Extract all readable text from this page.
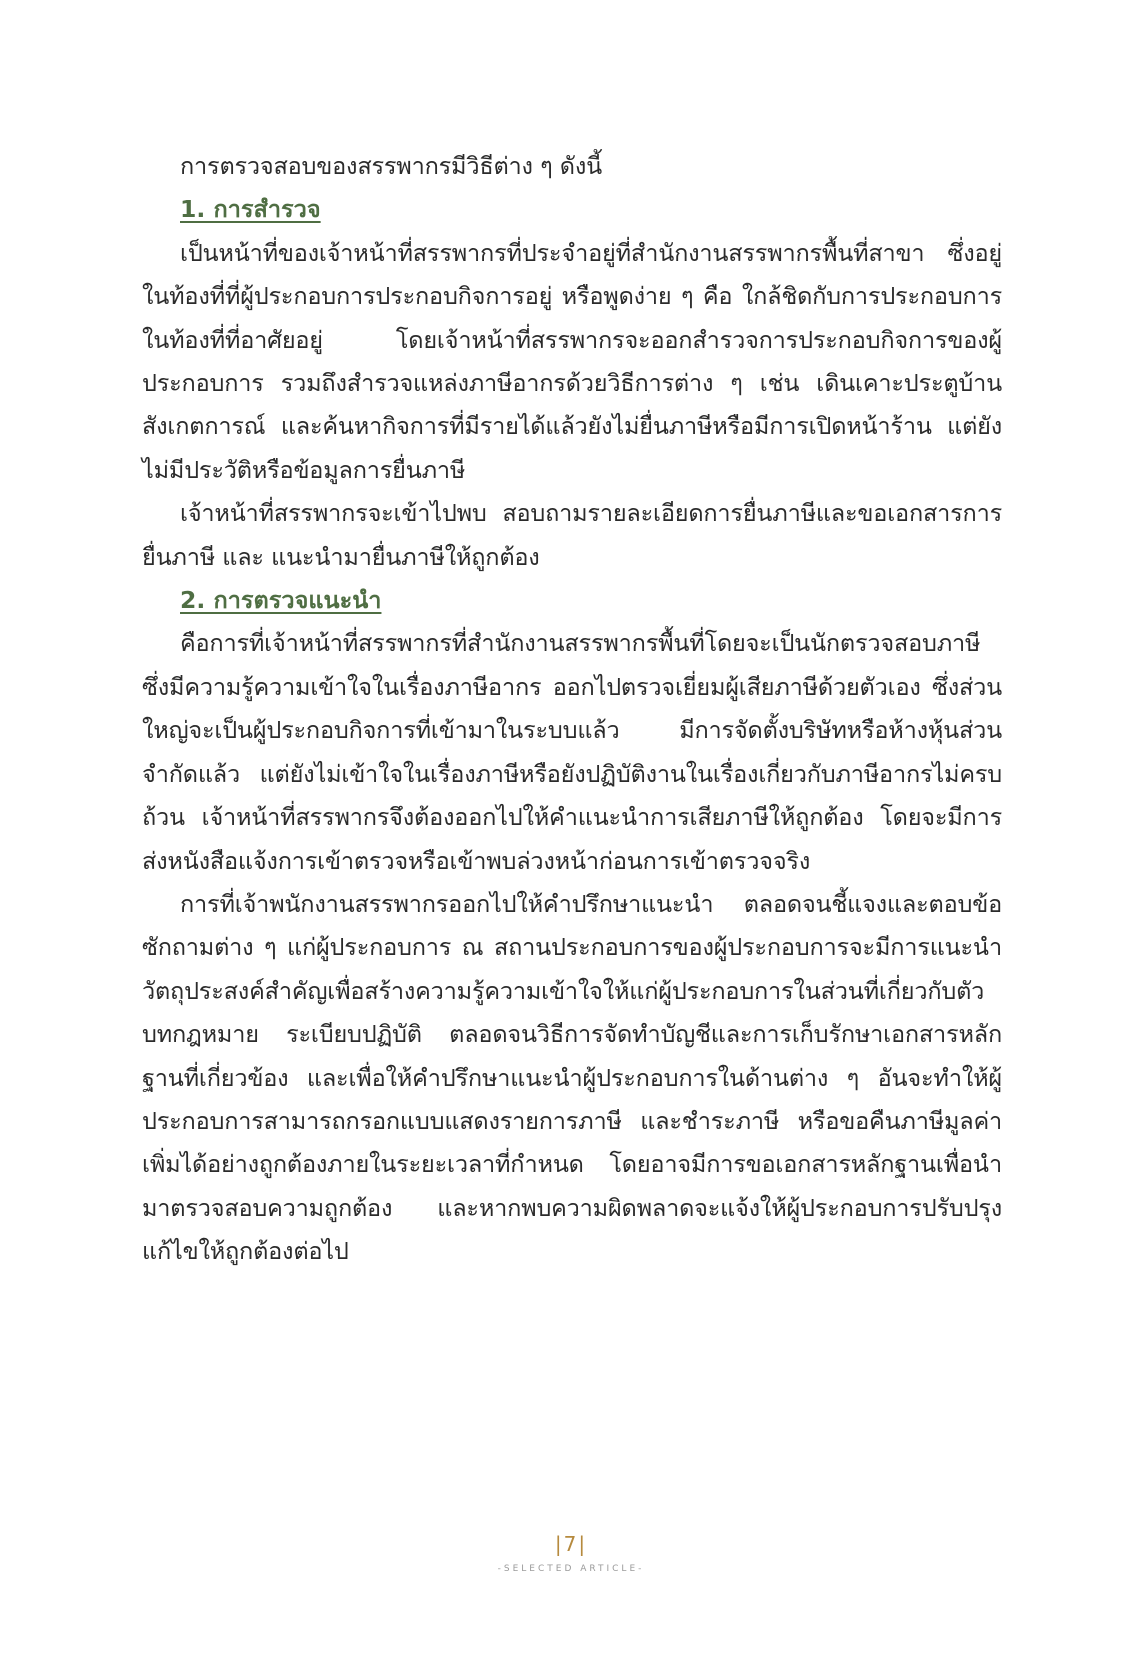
การตรวจสอบของสรรพากรมีวิธีต่าง ๆ ดังนี้

1. การสำรวจ

เป็นหน้าที่ของเจ้าหน้าที่สรรพากรที่ประจำอยู่ที่สำนักงานสรรพากรพื้นที่สาขา ซึ่งอยู่ในท้องที่ที่ผู้ประกอบการประกอบกิจการอยู่ หรือพูดง่าย ๆ คือ ใกล้ชิดกับการประกอบการในท้องที่ที่อาศัยอยู่ โดยเจ้าหน้าที่สรรพากรจะออกสำรวจการประกอบกิจการของผู้ประกอบการ รวมถึงสำรวจแหล่งภาษีอากรด้วยวิธีการต่าง ๆ เช่น เดินเคาะประตูบ้าน สังเกตการณ์ และค้นหากิจการที่มีรายได้แล้วยังไม่ยื่นภาษีหรือมีการเปิดหน้าร้าน แต่ยังไม่มีประวัติหรือข้อมูลการยื่นภาษี

เจ้าหน้าที่สรรพากรจะเข้าไปพบ สอบถามรายละเอียดการยื่นภาษีและขอเอกสารการยื่นภาษี และ แนะนำมายื่นภาษีให้ถูกต้อง

2. การตรวจแนะนำ

คือการที่เจ้าหน้าที่สรรพากรที่สำนักงานสรรพากรพื้นที่โดยจะเป็นนักตรวจสอบภาษี ซึ่งมีความรู้ความเข้าใจในเรื่องภาษีอากร ออกไปตรวจเยี่ยมผู้เสียภาษีด้วยตัวเอง ซึ่งส่วนใหญ่จะเป็นผู้ประกอบกิจการที่เข้ามาในระบบแล้ว มีการจัดตั้งบริษัทหรือห้างหุ้นส่วนจำกัดแล้ว แต่ยังไม่เข้าใจในเรื่องภาษีหรือยังปฏิบัติงานในเรื่องเกี่ยวกับภาษีอากรไม่ครบถ้วน เจ้าหน้าที่สรรพากรจึงต้องออกไปให้คำแนะนำการเสียภาษีให้ถูกต้อง โดยจะมีการส่งหนังสือแจ้งการเข้าตรวจหรือเข้าพบล่วงหน้าก่อนการเข้าตรวจจริง

การที่เจ้าพนักงานสรรพากรออกไปให้คำปรึกษาแนะนำ ตลอดจนชี้แจงและตอบข้อซักถามต่าง ๆ แก่ผู้ประกอบการ ณ สถานประกอบการของผู้ประกอบการจะมีการแนะนำวัตถุประสงค์สำคัญเพื่อสร้างความรู้ความเข้าใจให้แก่ผู้ประกอบการในส่วนที่เกี่ยวกับตัวบทกฎหมาย ระเบียบปฏิบัติ ตลอดจนวิธีการจัดทำบัญชีและการเก็บรักษาเอกสารหลักฐานที่เกี่ยวข้อง และเพื่อให้คำปรึกษาแนะนำผู้ประกอบการในด้านต่าง ๆ อันจะทำให้ผู้ประกอบการสามารถกรอกแบบแสดงรายการภาษี และชำระภาษี หรือขอคืนภาษีมูลค่าเพิ่มได้อย่างถูกต้องภายในระยะเวลาที่กำหนด โดยอาจมีการขอเอกสารหลักฐานเพื่อนำมาตรวจสอบความถูกต้อง และหากพบความผิดพลาดจะแจ้งให้ผู้ประกอบการปรับปรุงแก้ไขให้ถูกต้องต่อไป

|7|
-SELECTED ARTICLE-
